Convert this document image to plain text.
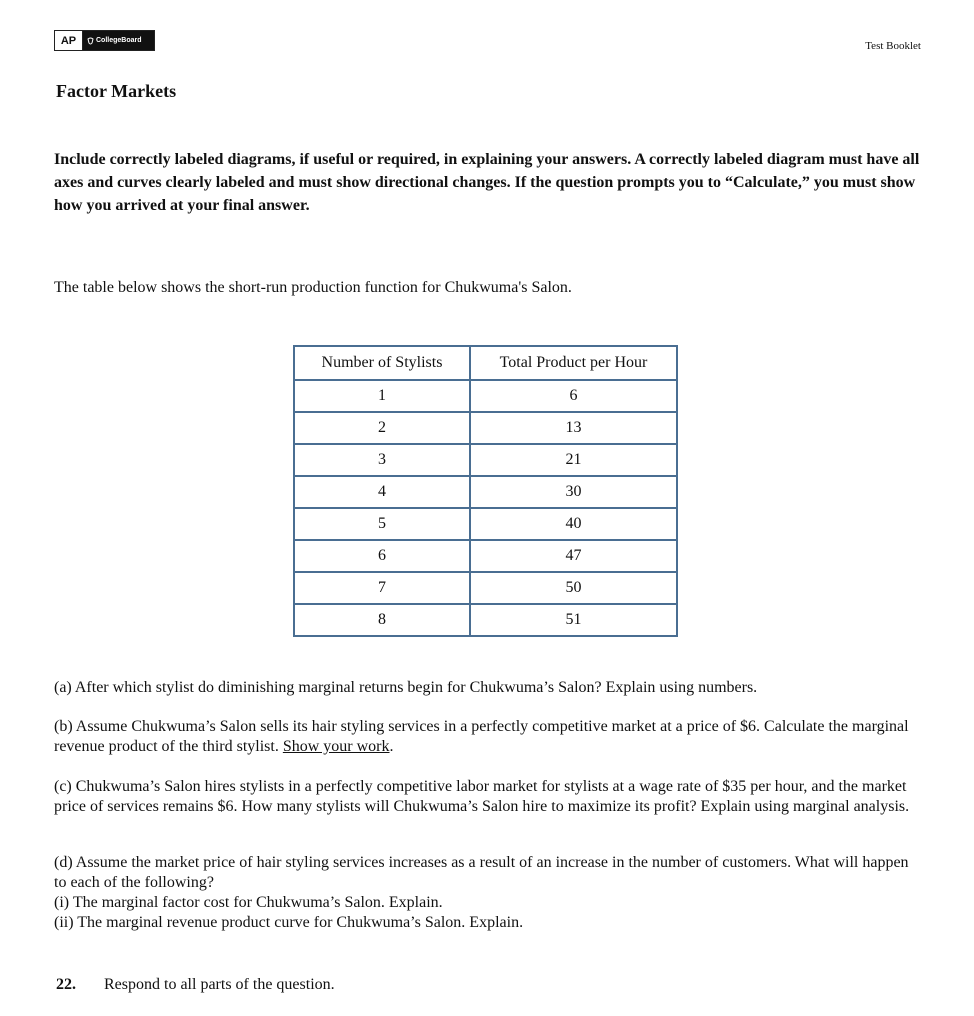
AP	CollegeBoard	Test Booklet
Factor Markets
Include correctly labeled diagrams, if useful or required, in explaining your answers. A correctly labeled diagram must have all axes and curves clearly labeled and must show directional changes. If the question prompts you to “Calculate,” you must show how you arrived at your final answer.
The table below shows the short-run production function for Chukwuma's Salon.
Number of Stylists	Total Product per Hour
1	6
2	13
3	21
4	30
5	40
6	47
7	50
8	51
(a) After which stylist do diminishing marginal returns begin for Chukwuma’s Salon? Explain using numbers.
(b) Assume Chukwuma’s Salon sells its hair styling services in a perfectly competitive market at a price of $6. Calculate the marginal revenue product of the third stylist. Show your work.
(c) Chukwuma’s Salon hires stylists in a perfectly competitive labor market for stylists at a wage rate of $35 per hour, and the market price of services remains $6. How many stylists will Chukwuma’s Salon hire to maximize its profit? Explain using marginal analysis.
(d) Assume the market price of hair styling services increases as a result of an increase in the number of customers. What will happen to each of the following?
(i) The marginal factor cost for Chukwuma’s Salon. Explain.
(ii) The marginal revenue product curve for Chukwuma’s Salon. Explain.
22. Respond to all parts of the question.
